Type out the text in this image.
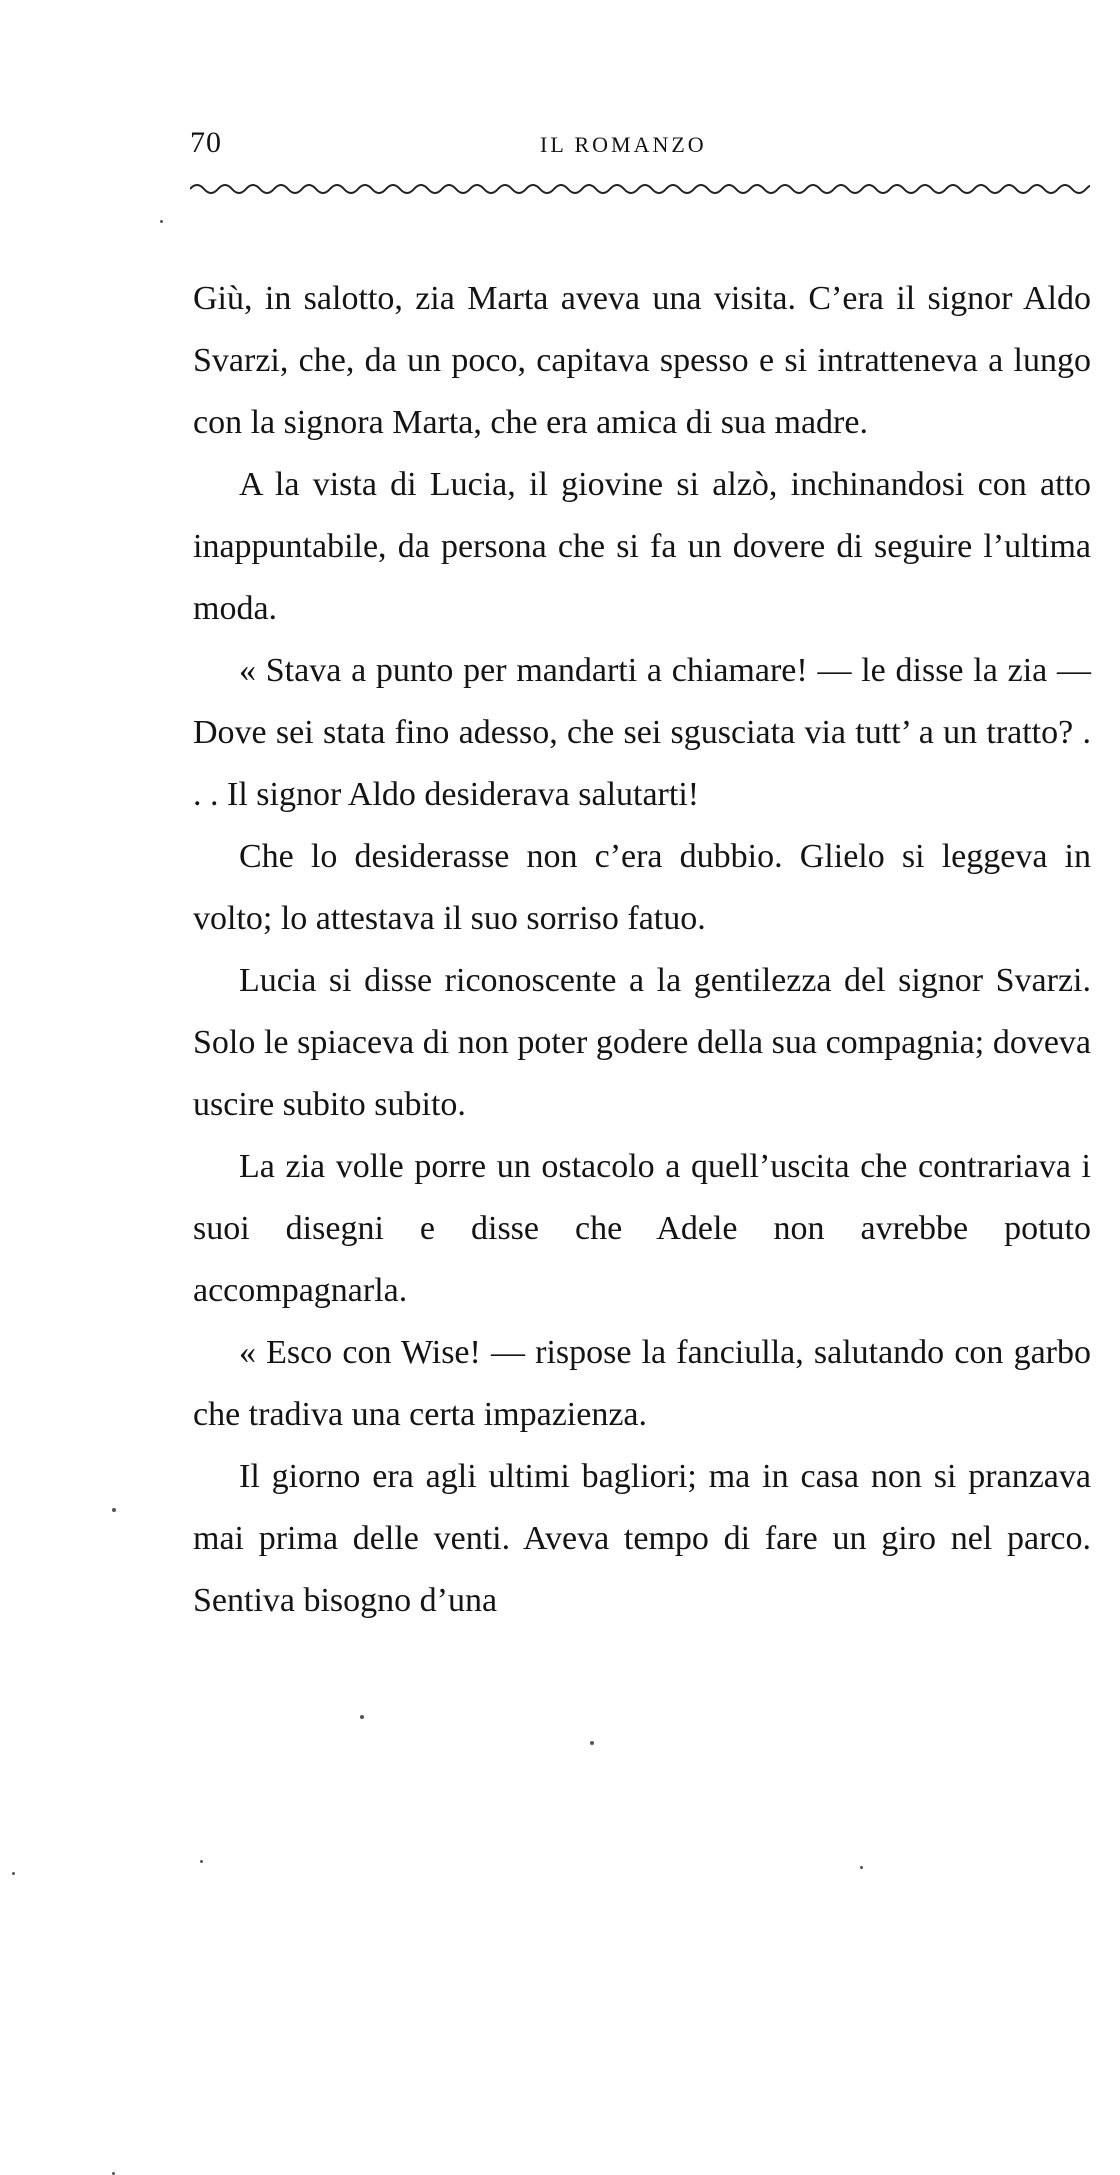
70	IL ROMANZO

Giù, in salotto, zia Marta aveva una visita. C’era il signor Aldo Svarzi, che, da un poco, capitava spesso e si intratteneva a lungo con la signora Marta, che era amica di sua madre.

A la vista di Lucia, il giovine si alzò, inchinandosi con atto inappuntabile, da persona che si fa un dovere di seguire l’ultima moda.

« Stava a punto per mandarti a chiamare! — le disse la zia — Dove sei stata fino adesso, che sei sgusciata via tutt’ a un tratto? . . . Il signor Aldo desiderava salutarti!

Che lo desiderasse non c’era dubbio. Glielo si leggeva in volto; lo attestava il suo sorriso fatuo.

Lucia si disse riconoscente a la gentilezza del signor Svarzi. Solo le spiaceva di non poter godere della sua compagnia; doveva uscire subito subito.

La zia volle porre un ostacolo a quell’uscita che contrariava i suoi disegni e disse che Adele non avrebbe potuto accompagnarla.

« Esco con Wise! — rispose la fanciulla, salutando con garbo che tradiva una certa impazienza.

Il giorno era agli ultimi bagliori; ma in casa non si pranzava mai prima delle venti. Aveva tempo di fare un giro nel parco. Sentiva bisogno d’una
